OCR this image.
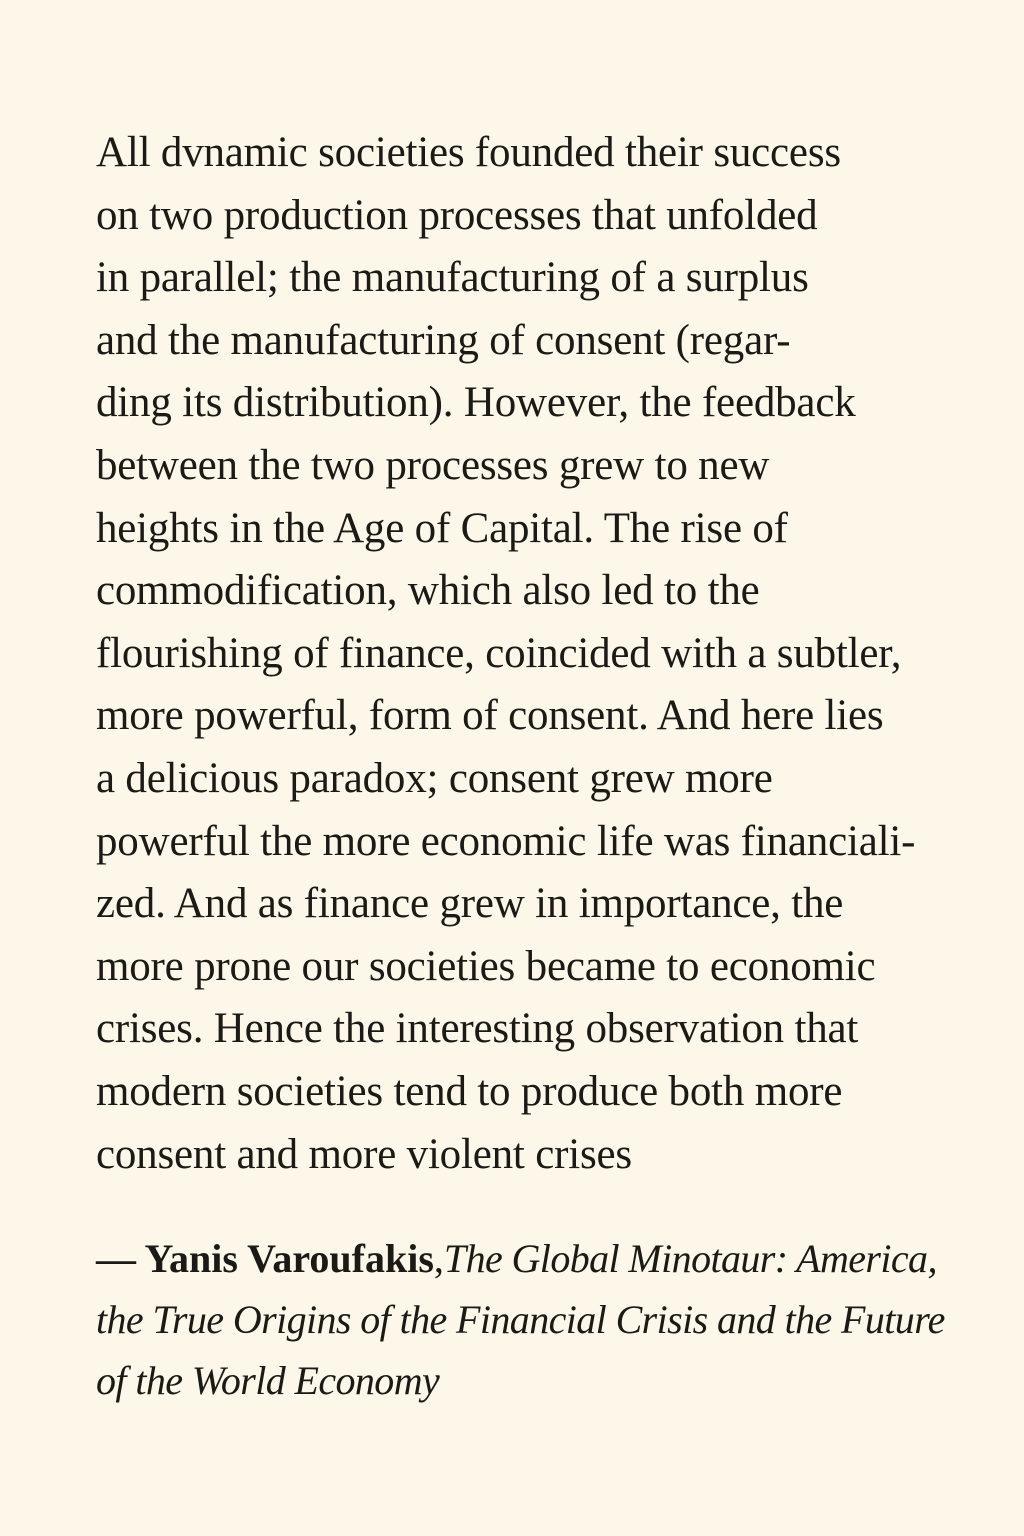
All dvnamic societies founded their success
on two production processes that unfolded
in parallel; the manufacturing of a surplus
and the manufacturing of consent (regar-
ding its distribution). However, the feedback
between the two processes grew to new
heights in the Age of Capital. The rise of
commodification, which also led to the
flourishing of finance, coincided with a subtler,
more powerful, form of consent. And here lies
a delicious paradox; consent grew more
powerful the more economic life was financiali-
zed. And as finance grew in importance, the
more prone our societies became to economic
crises. Hence the interesting observation that
modern societies tend to produce both more
consent and more violent crises

— Yanis Varoufakis,The Global Minotaur: America,
the True Origins of the Financial Crisis and the Future
of the World Economy
